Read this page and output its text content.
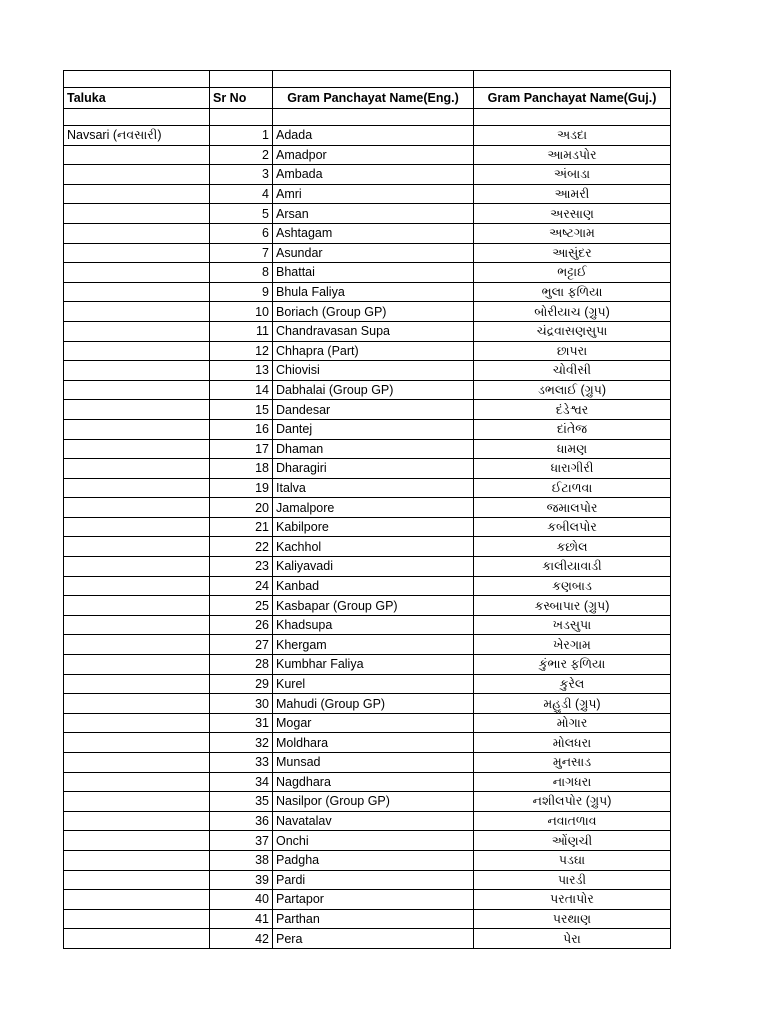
Taluka	Sr No	Gram Panchayat Name(Eng.)	Gram Panchayat Name(Guj.)

Navsari (નવસારી)	1	Adada	અડદા
	2	Amadpor	આમડપોર
	3	Ambada	અંબાડા
	4	Amri	આમરી
	5	Arsan	અરસાણ
	6	Ashtagam	અષ્ટગામ
	7	Asundar	આસુંદર
	8	Bhattai	ભટ્ટાઈ
	9	Bhula Faliya	ભુલા ફળિયા
	10	Boriach (Group GP)	બોરીયાચ (ગ્રુપ)
	11	Chandravasan Supa	ચંદ્રવાસણસુપા
	12	Chhapra (Part)	છાપરા
	13	Chiovisi	ચોવીસી
	14	Dabhalai (Group GP)	ડભલાઈ (ગ્રુપ)
	15	Dandesar	દંડેશ્વર
	16	Dantej	દાંતેજ
	17	Dhaman	ધામણ
	18	Dharagiri	ધારાગીરી
	19	Italva	ઈટાળવા
	20	Jamalpore	જમાલપોર
	21	Kabilpore	કબીલપોર
	22	Kachhol	કછોલ
	23	Kaliyavadi	કાલીયાવાડી
	24	Kanbad	કણબાડ
	25	Kasbapar (Group GP)	કસ્બાપાર (ગ્રુપ)
	26	Khadsupa	ખડસુપા
	27	Khergam	ખેરગામ
	28	Kumbhar Faliya	કુંભાર ફળિયા
	29	Kurel	કુરેલ
	30	Mahudi (Group GP)	મહુડી (ગ્રુપ)
	31	Mogar	મોગાર
	32	Moldhara	મોલધરા
	33	Munsad	મુનસાડ
	34	Nagdhara	નાગધરા
	35	Nasilpor (Group GP)	નશીલપોર (ગ્રુપ)
	36	Navatalav	નવાતળાવ
	37	Onchi	ઓંણચી
	38	Padgha	પડઘા
	39	Pardi	પારડી
	40	Partapor	પરતાપોર
	41	Parthan	પરથાણ
	42	Pera	પેરા
